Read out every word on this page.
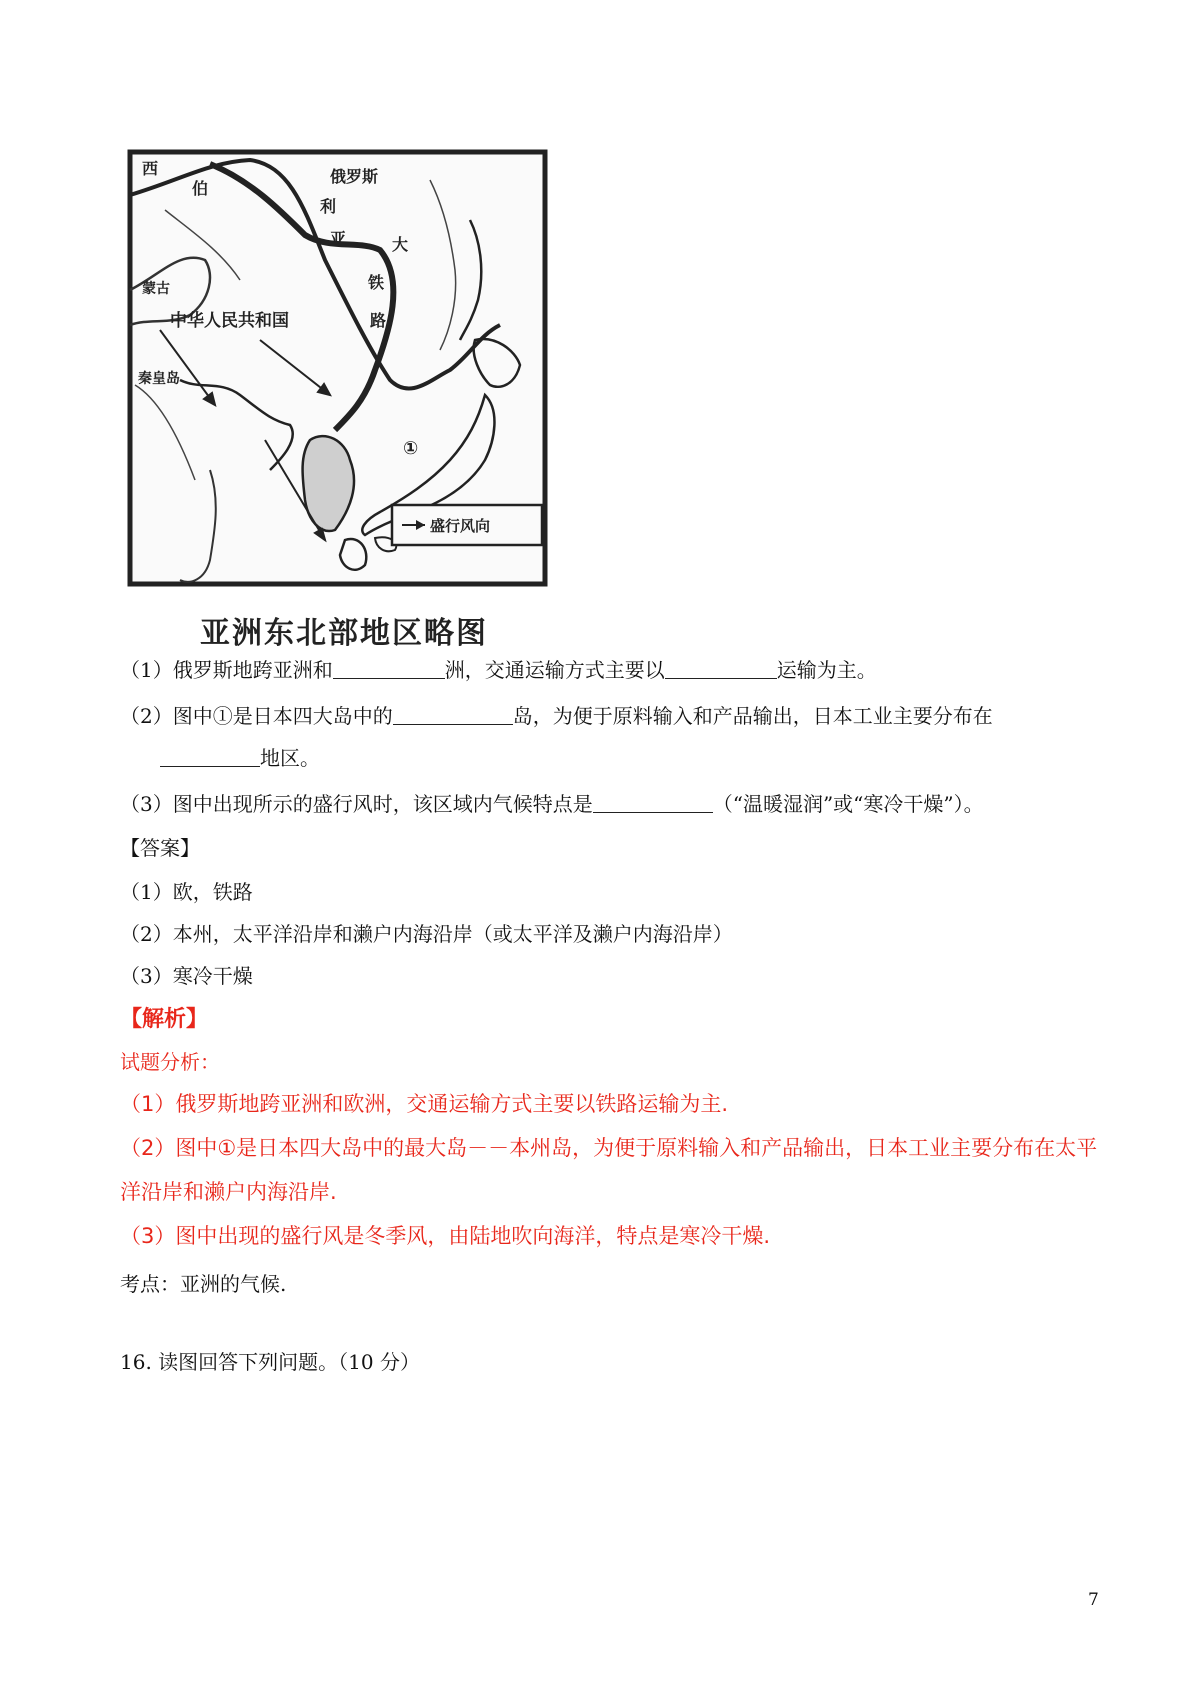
西
伯
俄罗斯
利
亚	大
铁
路
蒙古
中华人民共和国
秦皇岛
①
盛行风向
亚洲东北部地区略图
（1）俄罗斯地跨亚洲和	洲，交通运输方式主要以	运输为主。
（2）图中①是日本四大岛中的	岛，为便于原料输入和产品输出，日本工业主要分布在
地区。
（3）图中出现所示的盛行风时，该区域内气候特点是	（“温暖湿润”或“寒冷干燥”）。
【答案】
（1）欧，铁路
（2）本州，太平洋沿岸和濑户内海沿岸（或太平洋及濑户内海沿岸）
（3）寒冷干燥
【解析】
试题分析：
（1）俄罗斯地跨亚洲和欧洲，交通运输方式主要以铁路运输为主.
（2）图中①是日本四大岛中的最大岛－－本州岛，为便于原料输入和产品输出，日本工业主要分布在太平
洋沿岸和濑户内海沿岸.
（3）图中出现的盛行风是冬季风，由陆地吹向海洋，特点是寒冷干燥.
考点：亚洲的气候.
16. 读图回答下列问题。（10 分）
7
